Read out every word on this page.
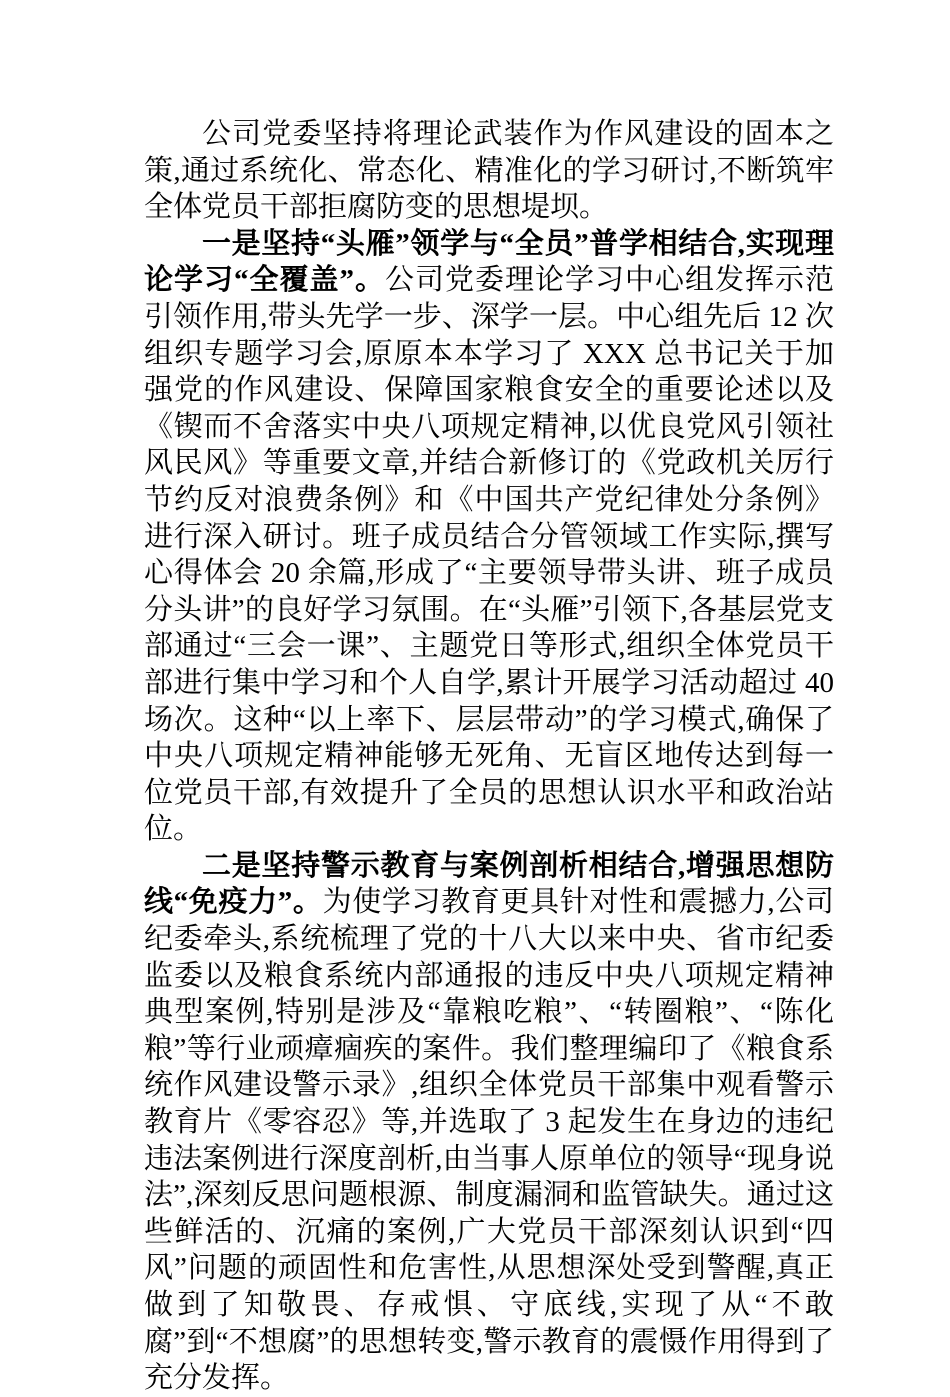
公司党委坚持将理论武装作为作风建设的固本之策,通过系统化、常态化、精准化的学习研讨,不断筑牢全体党员干部拒腐防变的思想堤坝。

一是坚持“头雁”领学与“全员”普学相结合,实现理论学习“全覆盖”。公司党委理论学习中心组发挥示范引领作用,带头先学一步、深学一层。中心组先后 12 次组织专题学习会,原原本本学习了 XXX 总书记关于加强党的作风建设、保障国家粮食安全的重要论述以及《锲而不舍落实中央八项规定精神,以优良党风引领社风民风》等重要文章,并结合新修订的《党政机关厉行节约反对浪费条例》和《中国共产党纪律处分条例》进行深入研讨。班子成员结合分管领域工作实际,撰写心得体会 20 余篇,形成了“主要领导带头讲、班子成员分头讲”的良好学习氛围。在“头雁”引领下,各基层党支部通过“三会一课”、主题党日等形式,组织全体党员干部进行集中学习和个人自学,累计开展学习活动超过 40 场次。这种“以上率下、层层带动”的学习模式,确保了中央八项规定精神能够无死角、无盲区地传达到每一位党员干部,有效提升了全员的思想认识水平和政治站位。

二是坚持警示教育与案例剖析相结合,增强思想防线“免疫力”。为使学习教育更具针对性和震撼力,公司纪委牵头,系统梳理了党的十八大以来中央、省市纪委监委以及粮食系统内部通报的违反中央八项规定精神典型案例,特别是涉及“靠粮吃粮”、“转圈粮”、“陈化粮”等行业顽瘴痼疾的案件。我们整理编印了《粮食系统作风建设警示录》,组织全体党员干部集中观看警示教育片《零容忍》等,并选取了 3 起发生在身边的违纪违法案例进行深度剖析,由当事人原单位的领导“现身说法”,深刻反思问题根源、制度漏洞和监管缺失。通过这些鲜活的、沉痛的案例,广大党员干部深刻认识到“四风”问题的顽固性和危害性,从思想深处受到警醒,真正做到了知敬畏、存戒惧、守底线,实现了从“不敢腐”到“不想腐”的思想转变,警示教育的震慑作用得到了充分发挥。
